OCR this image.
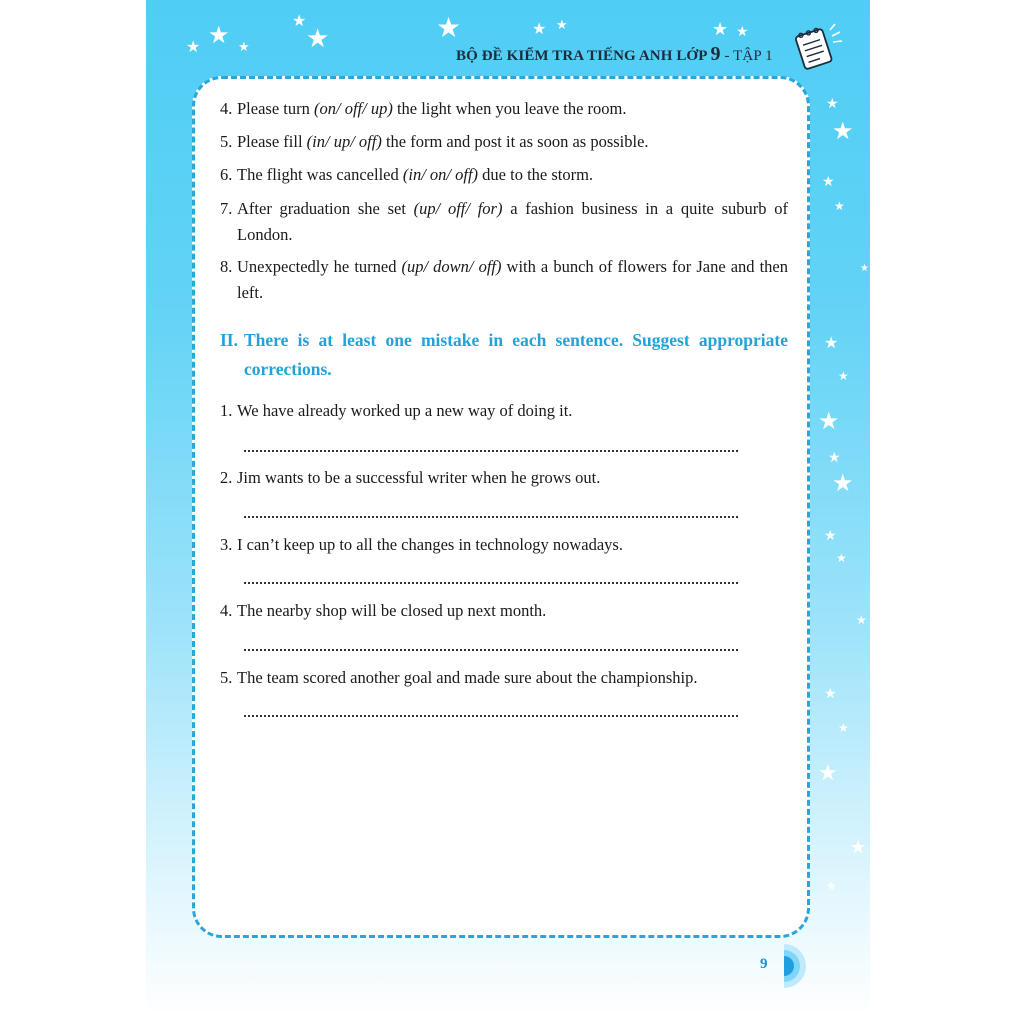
★ ★ ★
★
★	★	★ ★	★ ★
★
★
★
★
★
★
★
★
★
★
★
★
★
★
★
★
★
★
BỘ ĐỀ KIỂM TRA TIẾNG ANH LỚP 9 - TẬP 1
4. Please turn (on/ off/ up) the light when you leave the room.
5. Please fill (in/ up/ off) the form and post it as soon as possible.
6. The flight was cancelled (in/ on/ off) due to the storm.
7. After graduation she set (up/ off/ for) a fashion business in a quite suburb of London.
8. Unexpectedly he turned (up/ down/ off) with a bunch of flowers for Jane and then left.
II. There is at least one mistake in each sentence. Suggest appropriate corrections.
1. We have already worked up a new way of doing it.
2. Jim wants to be a successful writer when he grows out.
3. I can’t keep up to all the changes in technology nowadays.
4. The nearby shop will be closed up next month.
5. The team scored another goal and made sure about the championship.
9
